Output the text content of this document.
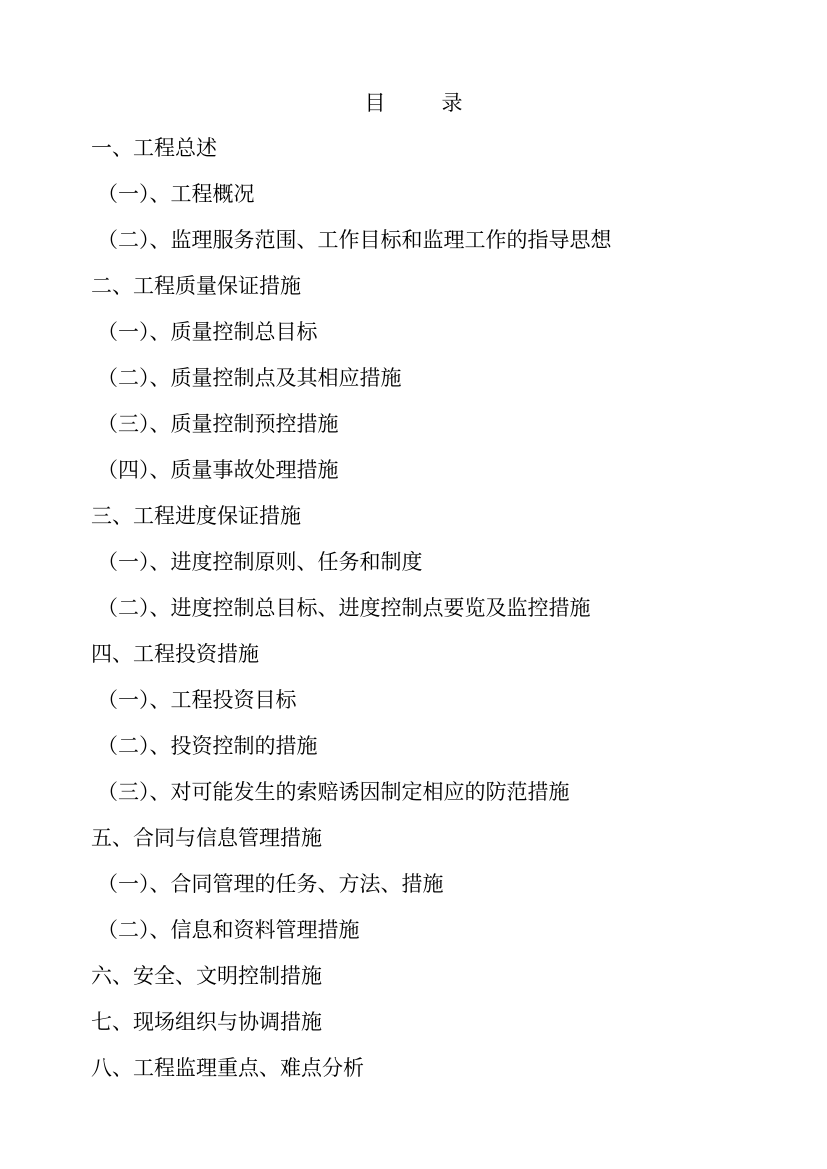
目	录
一、工程总述
（一）、工程概况
（二）、监理服务范围、工作目标和监理工作的指导思想
二、工程质量保证措施
（一）、质量控制总目标
（二）、质量控制点及其相应措施
（三）、质量控制预控措施
（四）、质量事故处理措施
三、工程进度保证措施
（一）、进度控制原则、任务和制度
（二）、进度控制总目标、进度控制点要览及监控措施
四、工程投资措施
（一）、工程投资目标
（二）、投资控制的措施
（三）、对可能发生的索赔诱因制定相应的防范措施
五、合同与信息管理措施
（一）、合同管理的任务、方法、措施
（二）、信息和资料管理措施
六、安全、文明控制措施
七、现场组织与协调措施
八、工程监理重点、难点分析
